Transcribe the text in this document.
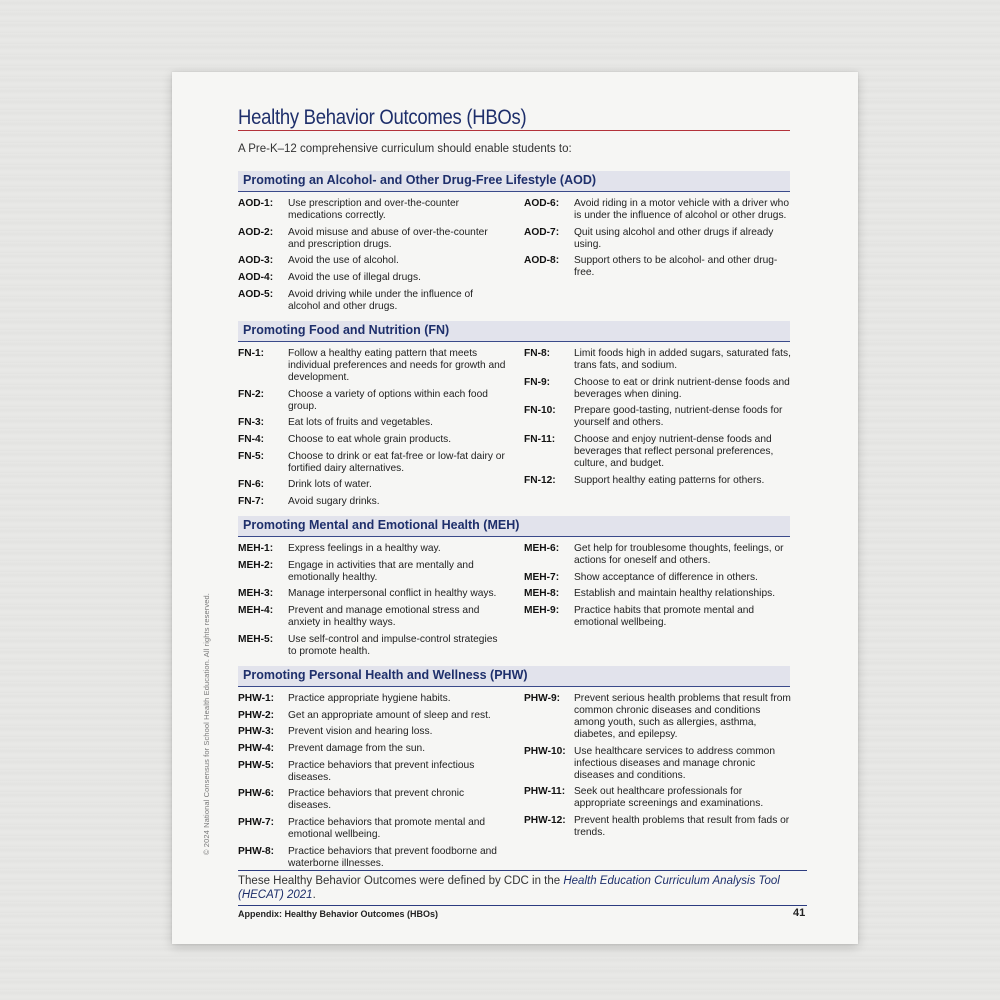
© 2024 National Consensus for School Health Education. All rights reserved.
Healthy Behavior Outcomes (HBOs)
A Pre-K–12 comprehensive curriculum should enable students to:
Promoting an Alcohol- and Other Drug-Free Lifestyle (AOD)
AOD-1:	Use prescription and over-the-counter medications correctly.
AOD-2:	Avoid misuse and abuse of over-the-counter and prescription drugs.
AOD-3:	Avoid the use of alcohol.
AOD-4:	Avoid the use of illegal drugs.
AOD-5:	Avoid driving while under the influence of alcohol and other drugs.
AOD-6:	Avoid riding in a motor vehicle with a driver who is under the influence of alcohol or other drugs.
AOD-7:	Quit using alcohol and other drugs if already using.
AOD-8:	Support others to be alcohol- and other drug-free.
Promoting Food and Nutrition (FN)
FN-1:	Follow a healthy eating pattern that meets individual preferences and needs for growth and development.
FN-2:	Choose a variety of options within each food group.
FN-3:	Eat lots of fruits and vegetables.
FN-4:	Choose to eat whole grain products.
FN-5:	Choose to drink or eat fat-free or low-fat dairy or fortified dairy alternatives.
FN-6:	Drink lots of water.
FN-7:	Avoid sugary drinks.
FN-8:	Limit foods high in added sugars, saturated fats, trans fats, and sodium.
FN-9:	Choose to eat or drink nutrient-dense foods and beverages when dining.
FN-10:	Prepare good-tasting, nutrient-dense foods for yourself and others.
FN-11:	Choose and enjoy nutrient-dense foods and beverages that reflect personal preferences, culture, and budget.
FN-12:	Support healthy eating patterns for others.
Promoting Mental and Emotional Health (MEH)
MEH-1:	Express feelings in a healthy way.
MEH-2:	Engage in activities that are mentally and emotionally healthy.
MEH-3:	Manage interpersonal conflict in healthy ways.
MEH-4:	Prevent and manage emotional stress and anxiety in healthy ways.
MEH-5:	Use self-control and impulse-control strategies to promote health.
MEH-6:	Get help for troublesome thoughts, feelings, or actions for oneself and others.
MEH-7:	Show acceptance of difference in others.
MEH-8:	Establish and maintain healthy relationships.
MEH-9:	Practice habits that promote mental and emotional wellbeing.
Promoting Personal Health and Wellness (PHW)
PHW-1:	Practice appropriate hygiene habits.
PHW-2:	Get an appropriate amount of sleep and rest.
PHW-3:	Prevent vision and hearing loss.
PHW-4:	Prevent damage from the sun.
PHW-5:	Practice behaviors that prevent infectious diseases.
PHW-6:	Practice behaviors that prevent chronic diseases.
PHW-7:	Practice behaviors that promote mental and emotional wellbeing.
PHW-8:	Practice behaviors that prevent foodborne and waterborne illnesses.
PHW-9:	Prevent serious health problems that result from common chronic diseases and conditions among youth, such as allergies, asthma, diabetes, and epilepsy.
PHW-10: Use healthcare services to address common infectious diseases and manage chronic diseases and conditions.
PHW-11: Seek out healthcare professionals for appropriate screenings and examinations.
PHW-12: Prevent health problems that result from fads or trends.
These Healthy Behavior Outcomes were defined by CDC in the Health Education Curriculum Analysis Tool (HECAT) 2021.
Appendix: Healthy Behavior Outcomes (HBOs)	41
